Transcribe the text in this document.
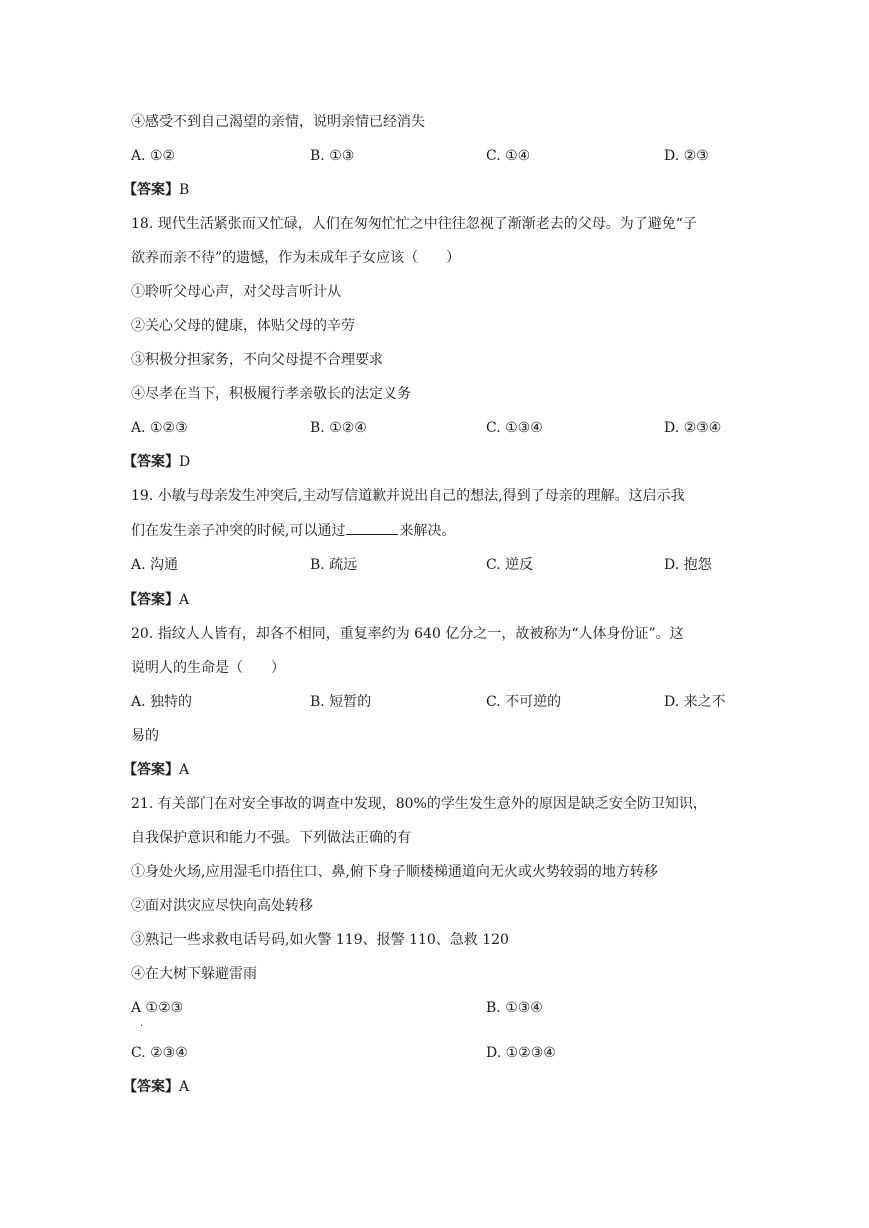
④感受不到自己渴望的亲情，说明亲情已经消失
A. ①②	B. ①③	C. ①④	D. ②③
【答案】B
18. 现代生活紧张而又忙碌，人们在匆匆忙忙之中往往忽视了渐渐老去的父母。为了避免“子
欲养而亲不待”的遗憾，作为未成年子女应该（　　）
①聆听父母心声，对父母言听计从
②关心父母的健康，体贴父母的辛劳
③积极分担家务，不向父母提不合理要求
④尽孝在当下，积极履行孝亲敬长的法定义务
A. ①②③	B. ①②④	C. ①③④	D. ②③④
【答案】D
19. 小敏与母亲发生冲突后,主动写信道歉并说出自己的想法,得到了母亲的理解。这启示我
们在发生亲子冲突的时候,可以通过	来解决。
A. 沟通	B. 疏远	C. 逆反	D. 抱怨
【答案】A
20. 指纹人人皆有，却各不相同，重复率约为 640 亿分之一，故被称为“人体身份证”。这
说明人的生命是（　　）
A. 独特的	B. 短暂的	C. 不可逆的	D. 来之不
易的
【答案】A
21. 有关部门在对安全事故的调查中发现，80%的学生发生意外的原因是缺乏安全防卫知识，
自我保护意识和能力不强。下列做法正确的有
①身处火场,应用湿毛巾捂住口、鼻,俯下身子顺楼梯通道向无火或火势较弱的地方转移
②面对洪灾应尽快向高处转移
③熟记一些求救电话号码,如火警 119、报警 110、急救 120
④在大树下躲避雷雨
A ①②③
·
B. ①③④
C. ②③④	D. ①②③④
【答案】A
